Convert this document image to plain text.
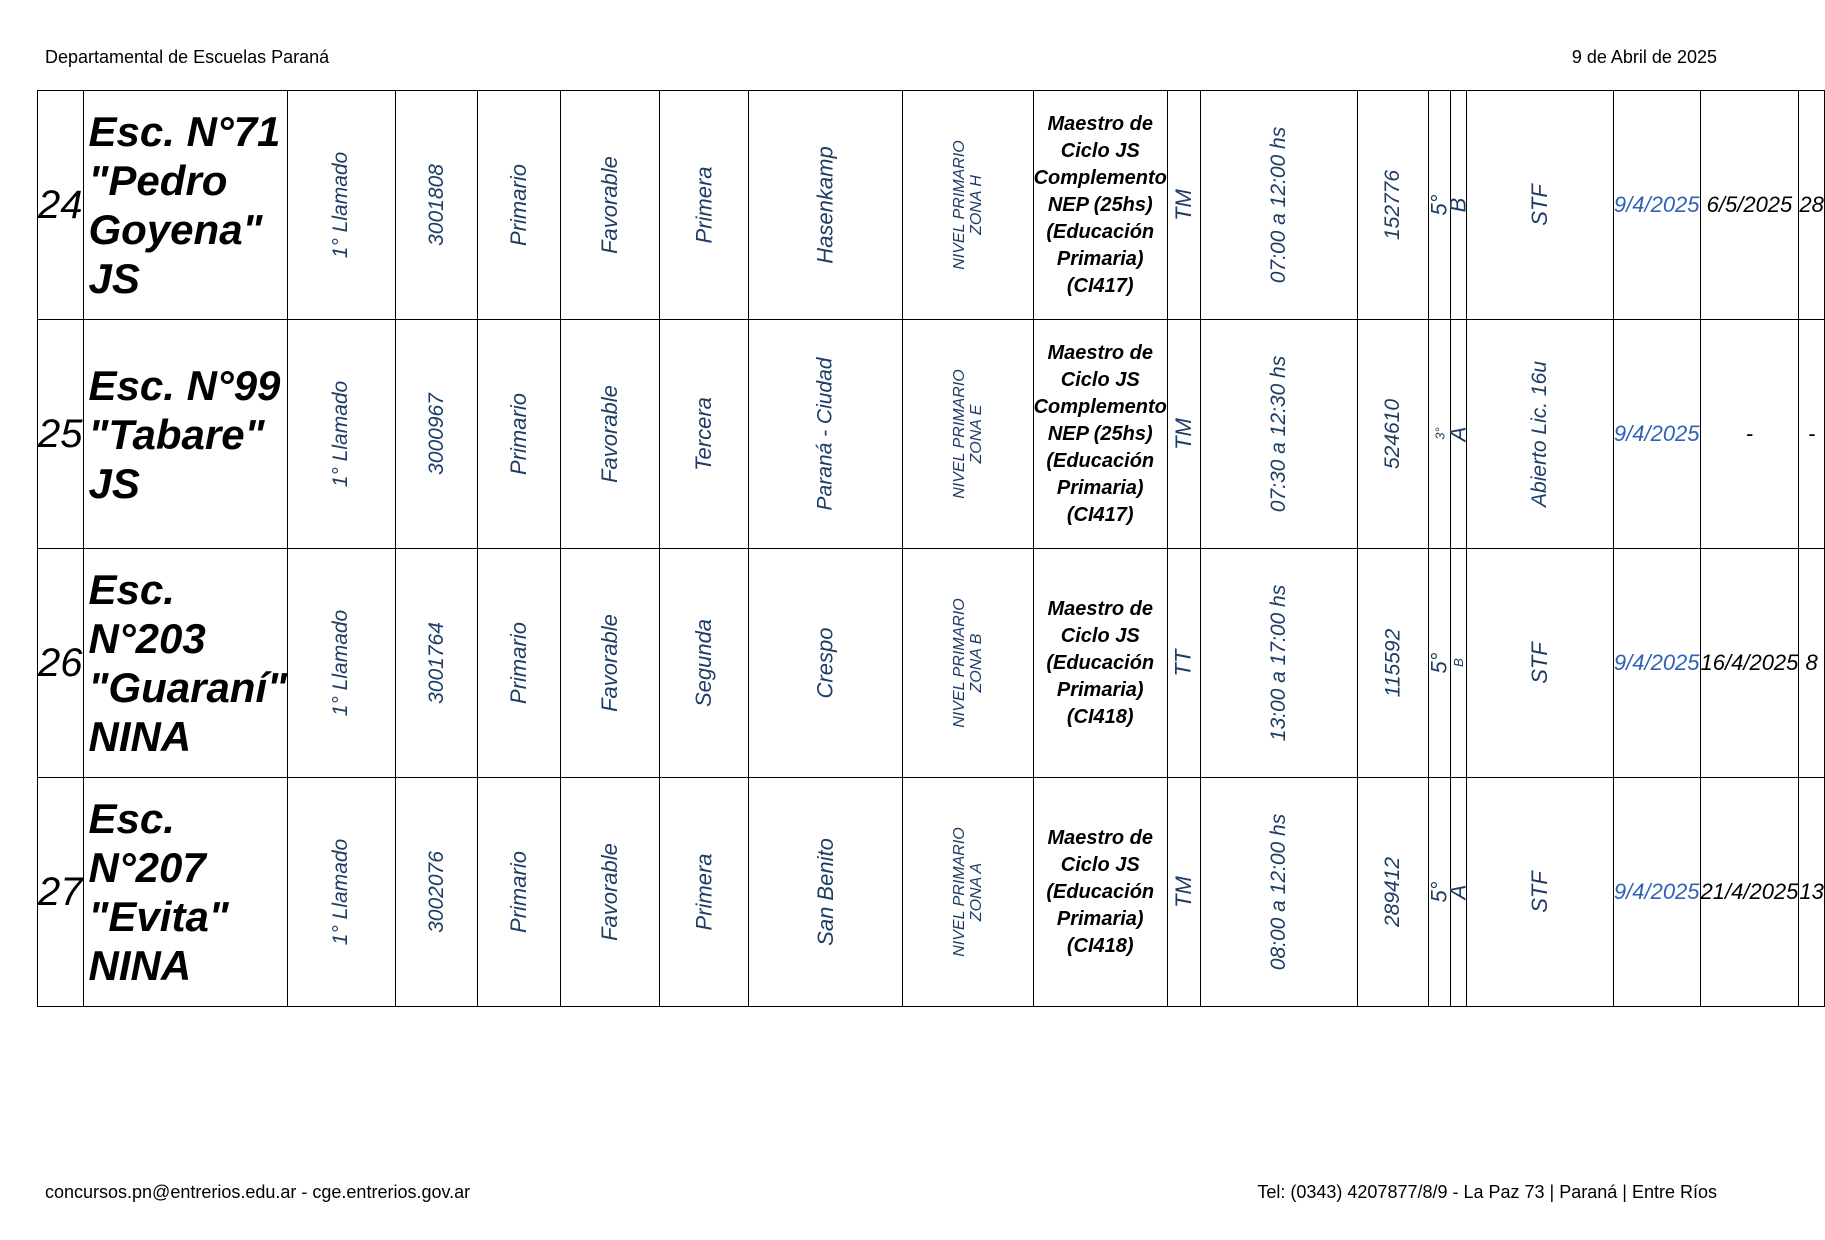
Departamental de Escuelas Paraná	9 de Abril de 2025
24	Esc. N°71 "Pedro Goyena" JS	1° Llamado	3001808	Primario	Favorable	Primera	Hasenkamp	NIVEL PRIMARIO
ZONA H	Maestro de Ciclo JS Complemento NEP (25hs) (Educación Primaria) (CI417)	TM	07:00 a 12:00 hs	152776	5°	B	STF	9/4/2025	6/5/2025	28
25	Esc. N°99 "Tabare" JS	1° Llamado	3000967	Primario	Favorable	Tercera	Paraná - Ciudad	NIVEL PRIMARIO
ZONA E	Maestro de Ciclo JS Complemento NEP (25hs) (Educación Primaria) (CI417)	TM	07:30 a 12:30 hs	524610	3°	A	Abierto Lic. 16u	9/4/2025	-	-
26	Esc. N°203 "Guaraní" NINA	1° Llamado	3001764	Primario	Favorable	Segunda	Crespo	NIVEL PRIMARIO
ZONA B	Maestro de Ciclo JS (Educación Primaria) (CI418)	TT	13:00 a 17:00 hs	115592	5°	B	STF	9/4/2025	16/4/2025	8
27	Esc. N°207 "Evita" NINA	1° Llamado	3002076	Primario	Favorable	Primera	San Benito	NIVEL PRIMARIO
ZONA A	Maestro de Ciclo JS (Educación Primaria) (CI418)	TM	08:00 a 12:00 hs	289412	5°	A	STF	9/4/2025	21/4/2025	13
concursos.pn@entrerios.edu.ar - cge.entrerios.gov.ar	Tel: (0343) 4207877/8/9 - La Paz 73 | Paraná | Entre Ríos
